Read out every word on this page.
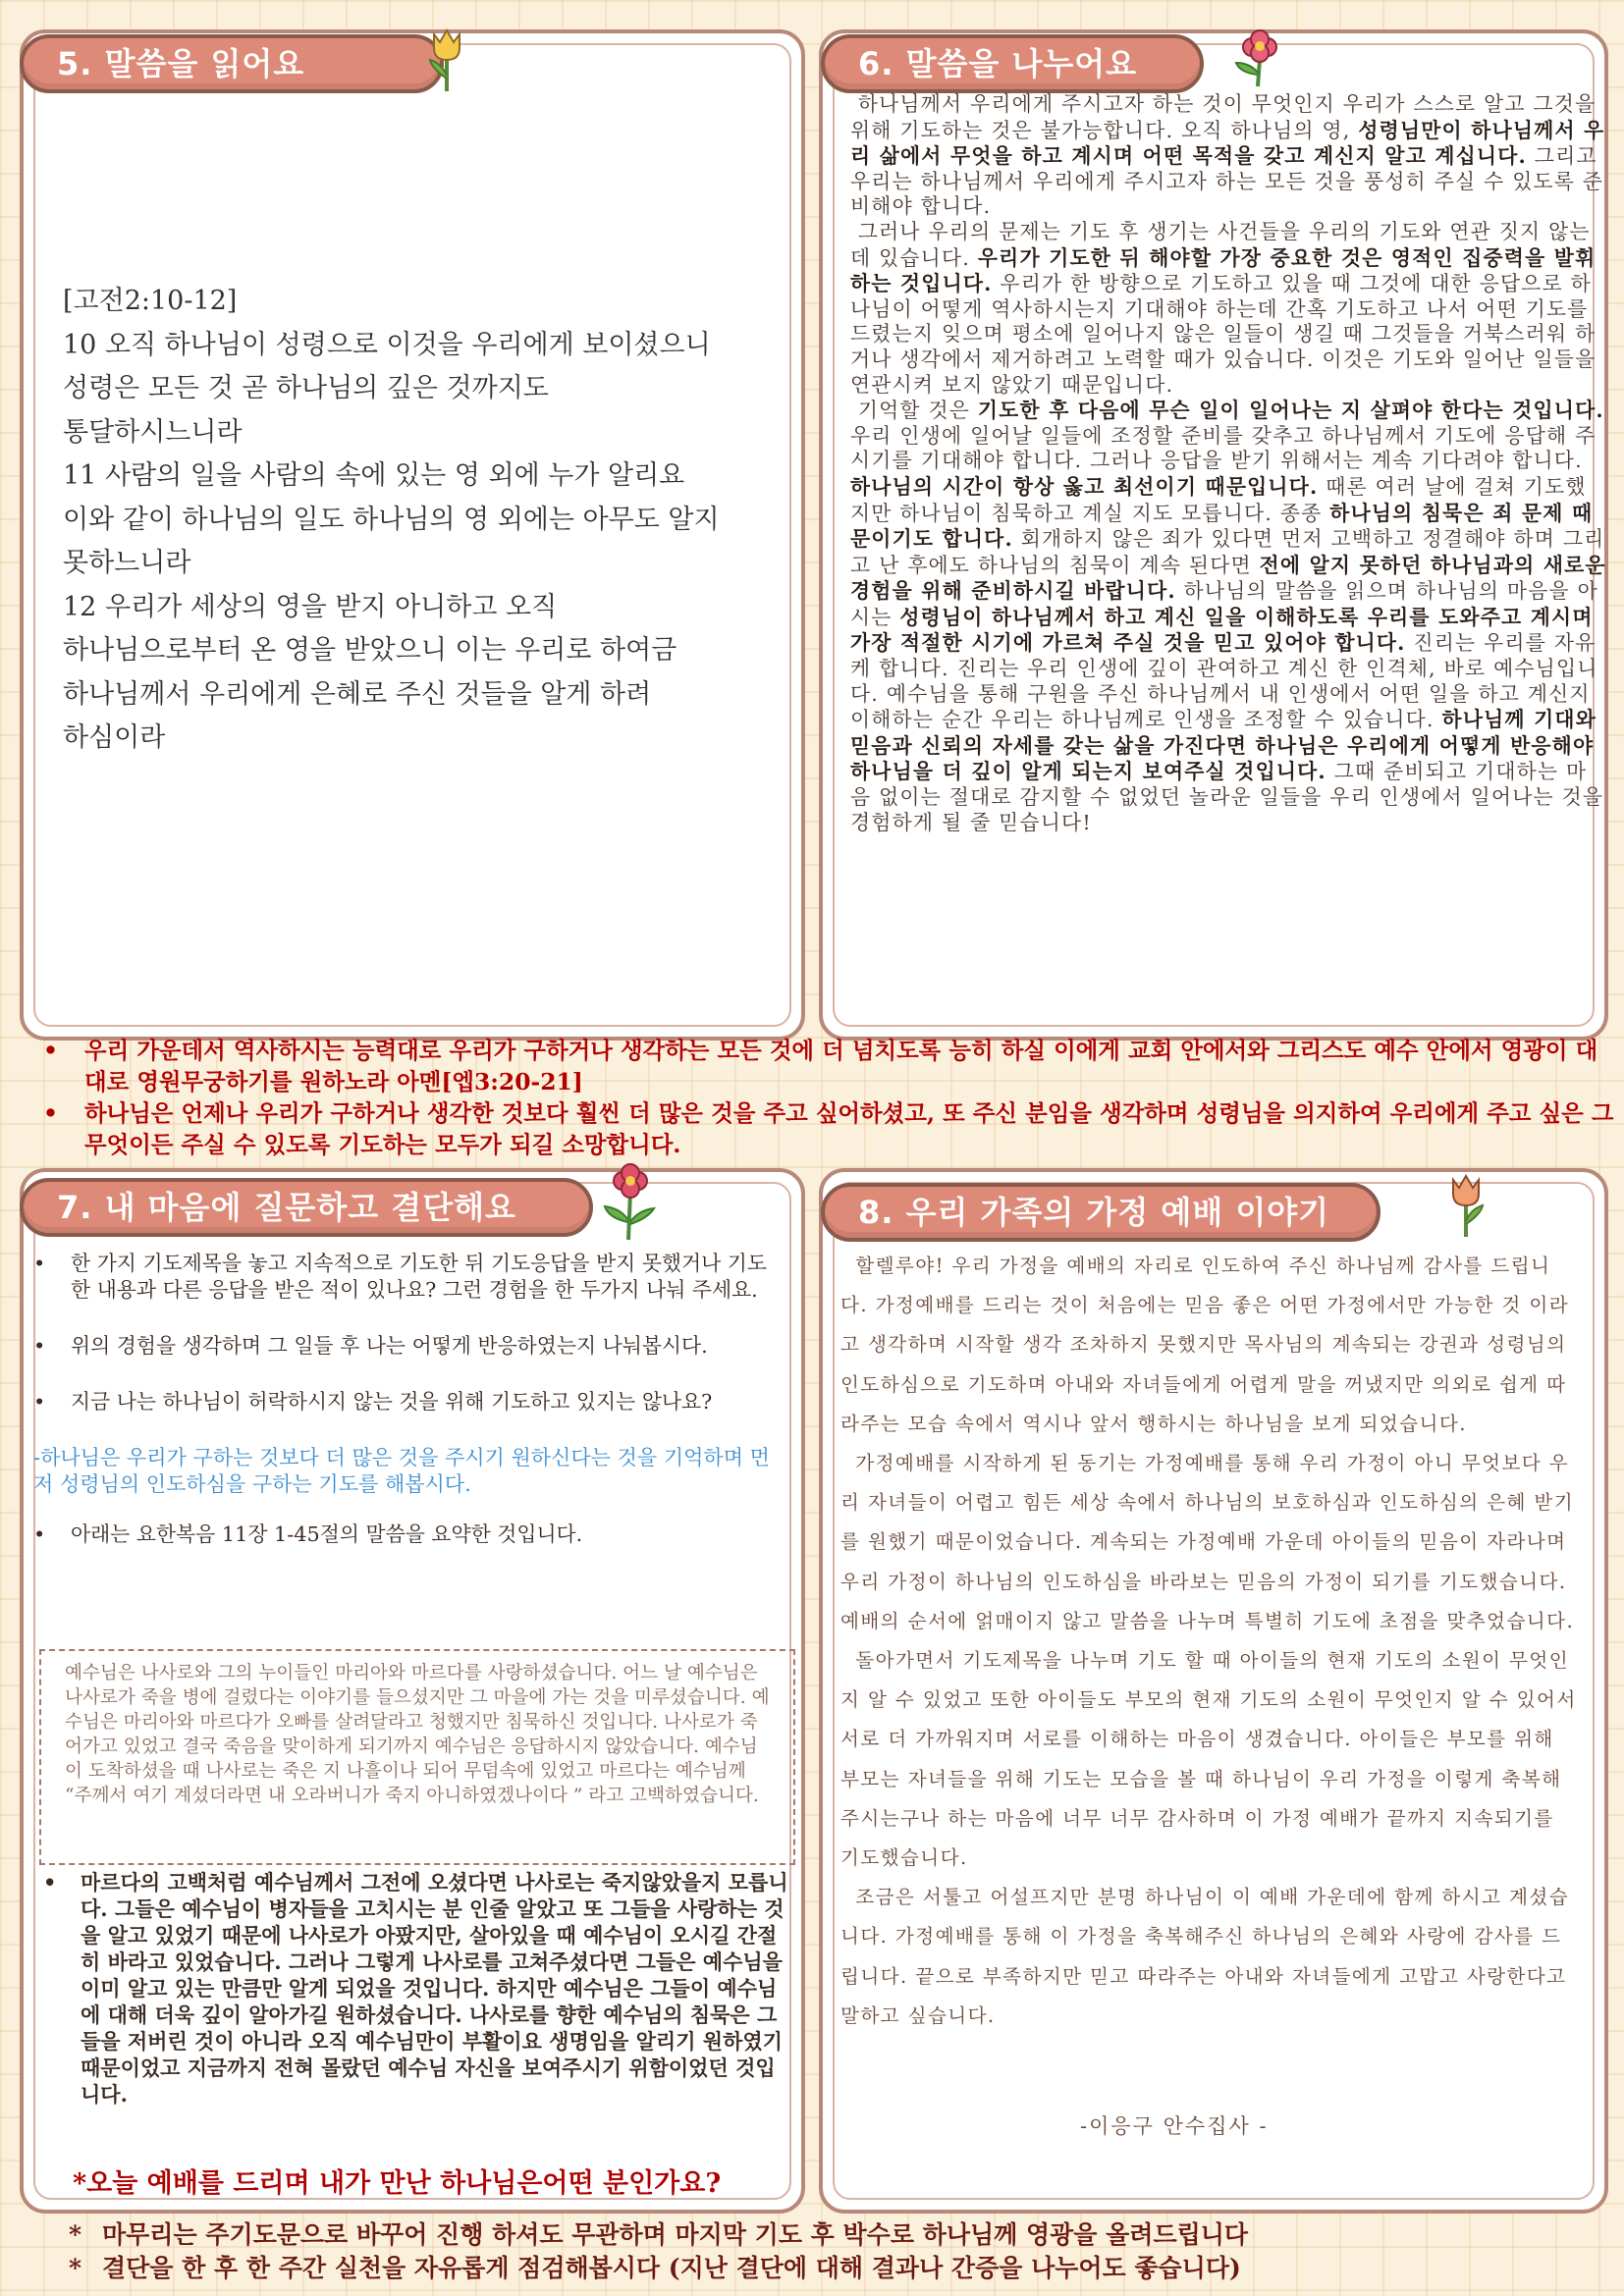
5. 말씀을 읽어요
[고전2:10-12]
10 오직 하나님이 성령으로 이것을 우리에게 보이셨으니
성령은 모든 것 곧 하나님의 깊은 것까지도
통달하시느니라
11 사람의 일을 사람의 속에 있는 영 외에 누가 알리요
이와 같이 하나님의 일도 하나님의 영 외에는 아무도 알지
못하느니라
12 우리가 세상의 영을 받지 아니하고 오직
하나님으로부터 온 영을 받았으니 이는 우리로 하여금
하나님께서 우리에게 은혜로 주신 것들을 알게 하려
하심이라
6. 말씀을 나누어요
하나님께서 우리에게 주시고자 하는 것이 무엇인지 우리가 스스로 알고 그것을 위해 기도하는 것은 불가능합니다. 오직 하나님의 영, 성령님만이 하나님께서 우리 삶에서 무엇을 하고 계시며 어떤 목적을 갖고 계신지 알고 계십니다. 그리고 우리는 하나님께서 우리에게 주시고자 하는 모든 것을 풍성히 주실 수 있도록 준비해야 합니다.
그러나 우리의 문제는 기도 후 생기는 사건들을 우리의 기도와 연관 짓지 않는 데 있습니다. 우리가 기도한 뒤 해야할 가장 중요한 것은 영적인 집중력을 발휘하는 것입니다. 우리가 한 방향으로 기도하고 있을 때 그것에 대한 응답으로 하나님이 어떻게 역사하시는지 기대해야 하는데 간혹 기도하고 나서 어떤 기도를 드렸는지 잊으며 평소에 일어나지 않은 일들이 생길 때 그것들을 거북스러워 하거나 생각에서 제거하려고 노력할 때가 있습니다. 이것은 기도와 일어난 일들을 연관시켜 보지 않았기 때문입니다.
기억할 것은 기도한 후 다음에 무슨 일이 일어나는 지 살펴야 한다는 것입니다.우리 인생에 일어날 일들에 조정할 준비를 갖추고 하나님께서 기도에 응답해 주시기를 기대해야 합니다. 그러나 응답을 받기 위해서는 계속 기다려야 합니다. 하나님의 시간이 항상 옳고 최선이기 때문입니다. 때론 여러 날에 걸쳐 기도했지만 하나님이 침묵하고 계실 지도 모릅니다. 종종 하나님의 침묵은 죄 문제 때문이기도 합니다. 회개하지 않은 죄가 있다면 먼저 고백하고 정결해야 하며 그리고 난 후에도 하나님의 침묵이 계속 된다면 전에 알지 못하던 하나님과의 새로운 경험을 위해 준비하시길 바랍니다. 하나님의 말씀을 읽으며 하나님의 마음을 아시는 성령님이 하나님께서 하고 계신 일을 이해하도록 우리를 도와주고 계시며 가장 적절한 시기에 가르쳐 주실 것을 믿고 있어야 합니다. 진리는 우리를 자유케 합니다. 진리는 우리 인생에 깊이 관여하고 계신 한 인격체, 바로 예수님입니다. 예수님을 통해 구원을 주신 하나님께서 내 인생에서 어떤 일을 하고 계신지 이해하는 순간 우리는 하나님께로 인생을 조정할 수 있습니다. 하나님께 기대와 믿음과 신뢰의 자세를 갖는 삶을 가진다면 하나님은 우리에게 어떻게 반응해야 하나님을 더 깊이 알게 되는지 보여주실 것입니다. 그때 준비되고 기대하는 마음 없이는 절대로 감지할 수 없었던 놀라운 일들을 우리 인생에서 일어나는 것을 경험하게 될 줄 믿습니다!
• 우리 가운데서 역사하시는 능력대로 우리가 구하거나 생각하는 모든 것에 더 넘치도록 능히 하실 이에게 교회 안에서와 그리스도 예수 안에서 영광이 대대로 영원무궁하기를 원하노라 아멘[엡3:20-21]
• 하나님은 언제나 우리가 구하거나 생각한 것보다 훨씬 더 많은 것을 주고 싶어하셨고, 또 주신 분임을 생각하며 성령님을 의지하여 우리에게 주고 싶은 그 무엇이든 주실 수 있도록 기도하는 모두가 되길 소망합니다.
7. 내 마음에 질문하고 결단해요
• 한 가지 기도제목을 놓고 지속적으로 기도한 뒤 기도응답을 받지 못했거나 기도한 내용과 다른 응답을 받은 적이 있나요? 그런 경험을 한 두가지 나눠 주세요.
• 위의 경험을 생각하며 그 일들 후 나는 어떻게 반응하였는지 나눠봅시다.
• 지금 나는 하나님이 허락하시지 않는 것을 위해 기도하고 있지는 않나요?
-하나님은 우리가 구하는 것보다 더 많은 것을 주시기 원하신다는 것을 기억하며 먼저 성령님의 인도하심을 구하는 기도를 해봅시다.
• 아래는 요한복음 11장 1-45절의 말씀을 요약한 것입니다.
예수님은 나사로와 그의 누이들인 마리아와 마르다를 사랑하셨습니다. 어느 날 예수님은 나사로가 죽을 병에 걸렸다는 이야기를 들으셨지만 그 마을에 가는 것을 미루셨습니다. 예수님은 마리아와 마르다가 오빠를 살려달라고 청했지만 침묵하신 것입니다. 나사로가 죽어가고 있었고 결국 죽음을 맞이하게 되기까지 예수님은 응답하시지 않았습니다. 예수님이 도착하셨을 때 나사로는 죽은 지 나흘이나 되어 무덤속에 있었고 마르다는 예수님께 “주께서 여기 계셨더라면 내 오라버니가 죽지 아니하였겠나이다 ” 라고 고백하였습니다.
• 마르다의 고백처럼 예수님께서 그전에 오셨다면 나사로는 죽지않았을지 모릅니다. 그들은 예수님이 병자들을 고치시는 분 인줄 알았고 또 그들을 사랑하는 것을 알고 있었기 때문에 나사로가 아팠지만, 살아있을 때 예수님이 오시길 간절히 바라고 있었습니다. 그러나 그렇게 나사로를 고쳐주셨다면 그들은 예수님을 이미 알고 있는 만큼만 알게 되었을 것입니다. 하지만 예수님은 그들이 예수님에 대해 더욱 깊이 알아가길 원하셨습니다. 나사로를 향한 예수님의 침묵은 그들을 저버린 것이 아니라 오직 예수님만이 부활이요 생명임을 알리기 원하였기 때문이었고 지금까지 전혀 몰랐던 예수님 자신을 보여주시기 위함이었던 것입니다.
*오늘 예배를 드리며 내가 만난 하나님은어떤 분인가요?
8. 우리 가족의 가정 예배 이야기
할렐루야! 우리 가정을 예배의 자리로 인도하여 주신 하나님께 감사를 드립니다. 가정예배를 드리는 것이 처음에는 믿음 좋은 어떤 가정에서만 가능한 것 이라고 생각하며 시작할 생각 조차하지 못했지만 목사님의 계속되는 강권과 성령님의 인도하심으로 기도하며 아내와 자녀들에게 어렵게 말을 꺼냈지만 의외로 쉽게 따라주는 모습 속에서 역시나 앞서 행하시는 하나님을 보게 되었습니다.
가정예배를 시작하게 된 동기는 가정예배를 통해 우리 가정이 아니 무엇보다 우리 자녀들이 어렵고 힘든 세상 속에서 하나님의 보호하심과 인도하심의 은혜 받기를 원했기 때문이었습니다. 계속되는 가정예배 가운데 아이들의 믿음이 자라나며 우리 가정이 하나님의 인도하심을 바라보는 믿음의 가정이 되기를 기도했습니다. 예배의 순서에 얽매이지 않고 말씀을 나누며 특별히 기도에 초점을 맞추었습니다.
돌아가면서 기도제목을 나누며 기도 할 때 아이들의 현재 기도의 소원이 무엇인지 알 수 있었고 또한 아이들도 부모의 현재 기도의 소원이 무엇인지 알 수 있어서 서로 더 가까워지며 서로를 이해하는 마음이 생겼습니다. 아이들은 부모를 위해 부모는 자녀들을 위해 기도는 모습을 볼 때 하나님이 우리 가정을 이렇게 축복해 주시는구나 하는 마음에 너무 너무 감사하며 이 가정 예배가 끝까지 지속되기를 기도했습니다.
조금은 서툴고 어설프지만 분명 하나님이 이 예배 가운데에 함께 하시고 계셨습니다. 가정예배를 통해 이 가정을 축복해주신 하나님의 은혜와 사랑에 감사를 드립니다. 끝으로 부족하지만 믿고 따라주는 아내와 자녀들에게 고맙고 사랑한다고 말하고 싶습니다.
-이응구 안수집사 -
* 마무리는 주기도문으로 바꾸어 진행 하셔도 무관하며 마지막 기도 후 박수로 하나님께 영광을 올려드립니다
* 결단을 한 후 한 주간 실천을 자유롭게 점검해봅시다 (지난 결단에 대해 결과나 간증을 나누어도 좋습니다)
